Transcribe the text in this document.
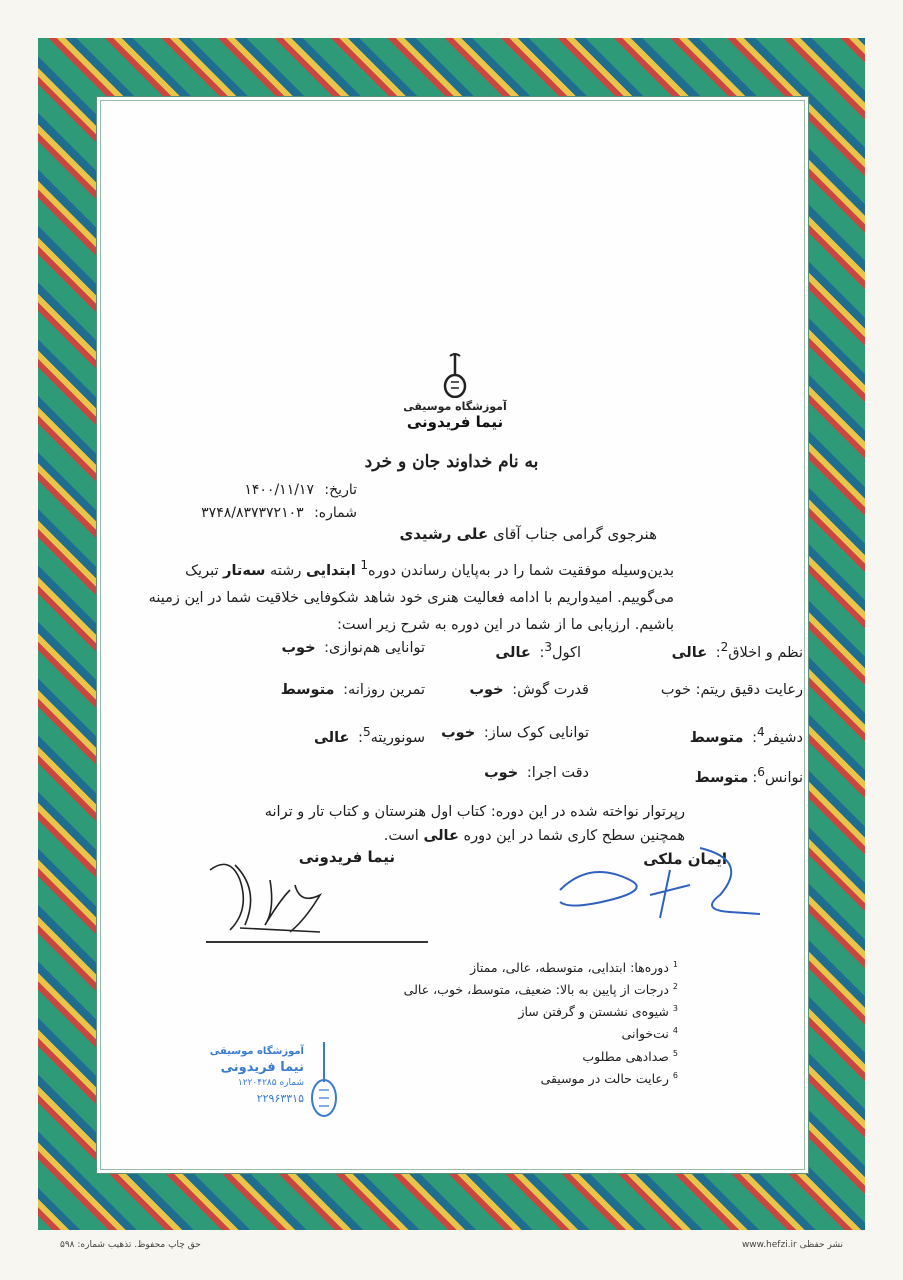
آموزشگاه موسیقی
نیما فریدونی
به نام خداوند جان و خرد
تاریخ: ۱۴۰۰/۱۱/۱۷
شماره: ۳۷۴۸/۸۳۷۳۷۲۱۰۳
هنرجوی گرامی جناب آقای علی رشیدی
بدین‌وسیله موفقیت شما را در به‌پایان رساندن دوره$^1$ ابتدایی رشته سه‌تار تبریک می‌گوییم. امیدواریم با ادامه فعالیت هنری خود شاهد شکوفایی خلاقیت شما در این زمینه باشیم. ارزیابی ما از شما در این دوره به شرح زیر است:
نظم و اخلاق$^2$: عالی
اکول$^3$: عالی
توانایی هم‌نوازی: خوب
رعایت دقیق ریتم: خوب
قدرت گوش: خوب
تمرین روزانه: متوسط
دشیفر$^4$: متوسط
توانایی کوک ساز: خوب
سونوریته$^5$: عالی
نوانس$^6$:متوسط
دقت اجرا: خوب
رپرتوار نواخته شده در این دوره: کتاب اول هنرستان و کتاب تار و ترانه
همچنین سطح کاری شما در این دوره عالی است.
نیما فریدونی	ایمان ملکی
$^1$دوره‌ها: ابتدایی، متوسطه، عالی، ممتاز
$^2$درجات از پایین به بالا: ضعیف، متوسط، خوب، عالی
$^3$شیوه‌ی نشستن و گرفتن ساز
$^4$نت‌خوانی
$^5$صدادهی مطلوب
$^6$رعایت حالت در موسیقی
آموزشگاه موسیقی
نیما فریدونی
شماره ۱۲۲۰۴۲۸۵
۲۲۹۶۳۳۱۵
حق چاپ محفوظ. تذهیب شماره: ۵۹۸	www.hefzi.ir نشر حفظی
